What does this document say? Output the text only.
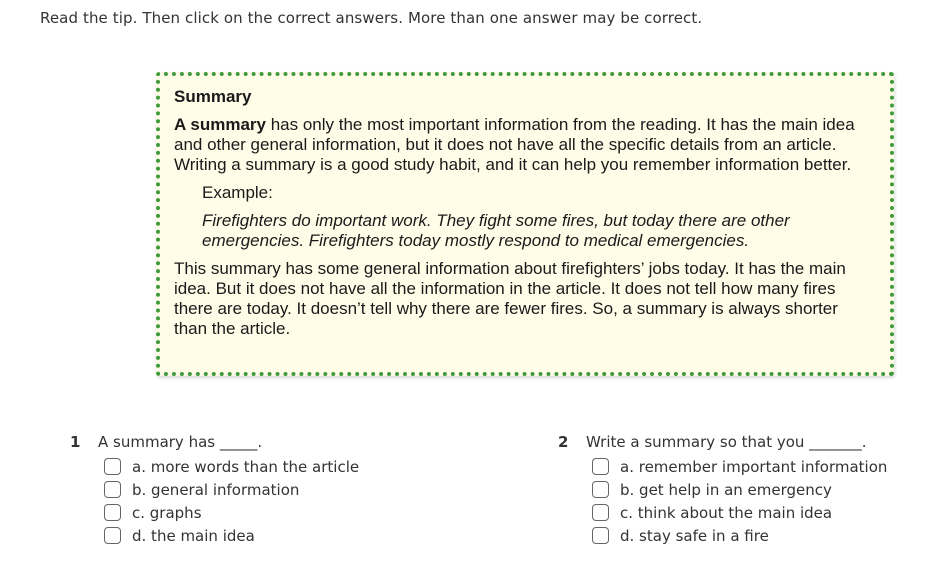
Read the tip. Then click on the correct answers. More than one answer may be correct.
Summary

A summary has only the most important information from the reading. It has the main idea and other general information, but it does not have all the specific details from an article. Writing a summary is a good study habit, and it can help you remember information better.

Example:
Firefighters do important work. They fight some fires, but today there are other emergencies. Firefighters today mostly respond to medical emergencies.

This summary has some general information about firefighters’ jobs today. It has the main idea. But it does not have all the information in the article. It does not tell how many fires there are today. It doesn’t tell why there are fewer fires. So, a summary is always shorter than the article.

1	A summary has _____.
a. more words than the article
b. general information
c. graphs
d. the main idea
2	Write a summary so that you _______.
a. remember important information
b. get help in an emergency
c. think about the main idea
d. stay safe in a fire
